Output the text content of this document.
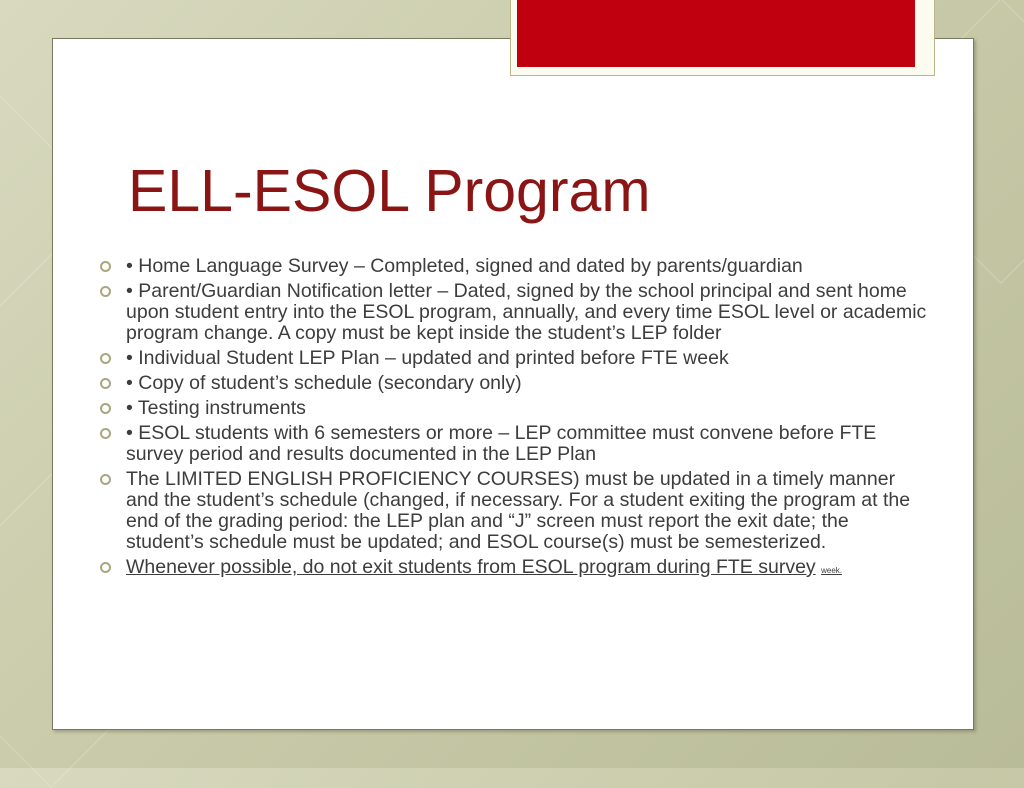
ELL-ESOL Program
• Home Language Survey – Completed, signed and dated by parents/guardian
• Parent/Guardian Notification letter – Dated, signed by the school principal and sent home upon student entry into the ESOL program, annually, and every time ESOL level or academic program change. A copy must be kept inside the student’s LEP folder
• Individual Student LEP Plan – updated and printed before FTE week
• Copy of student’s schedule (secondary only)
• Testing instruments
• ESOL students with 6 semesters or more – LEP committee must convene before FTE survey period and results documented in the LEP Plan
The LIMITED ENGLISH PROFICIENCY COURSES) must be updated in a timely manner and the student’s schedule (changed, if necessary. For a student exiting the program at the end of the grading period: the LEP plan and “J” screen must report the exit date; the student’s schedule must be updated; and ESOL course(s) must be semesterized.
Whenever possible, do not exit students from ESOL program during FTE survey week.
